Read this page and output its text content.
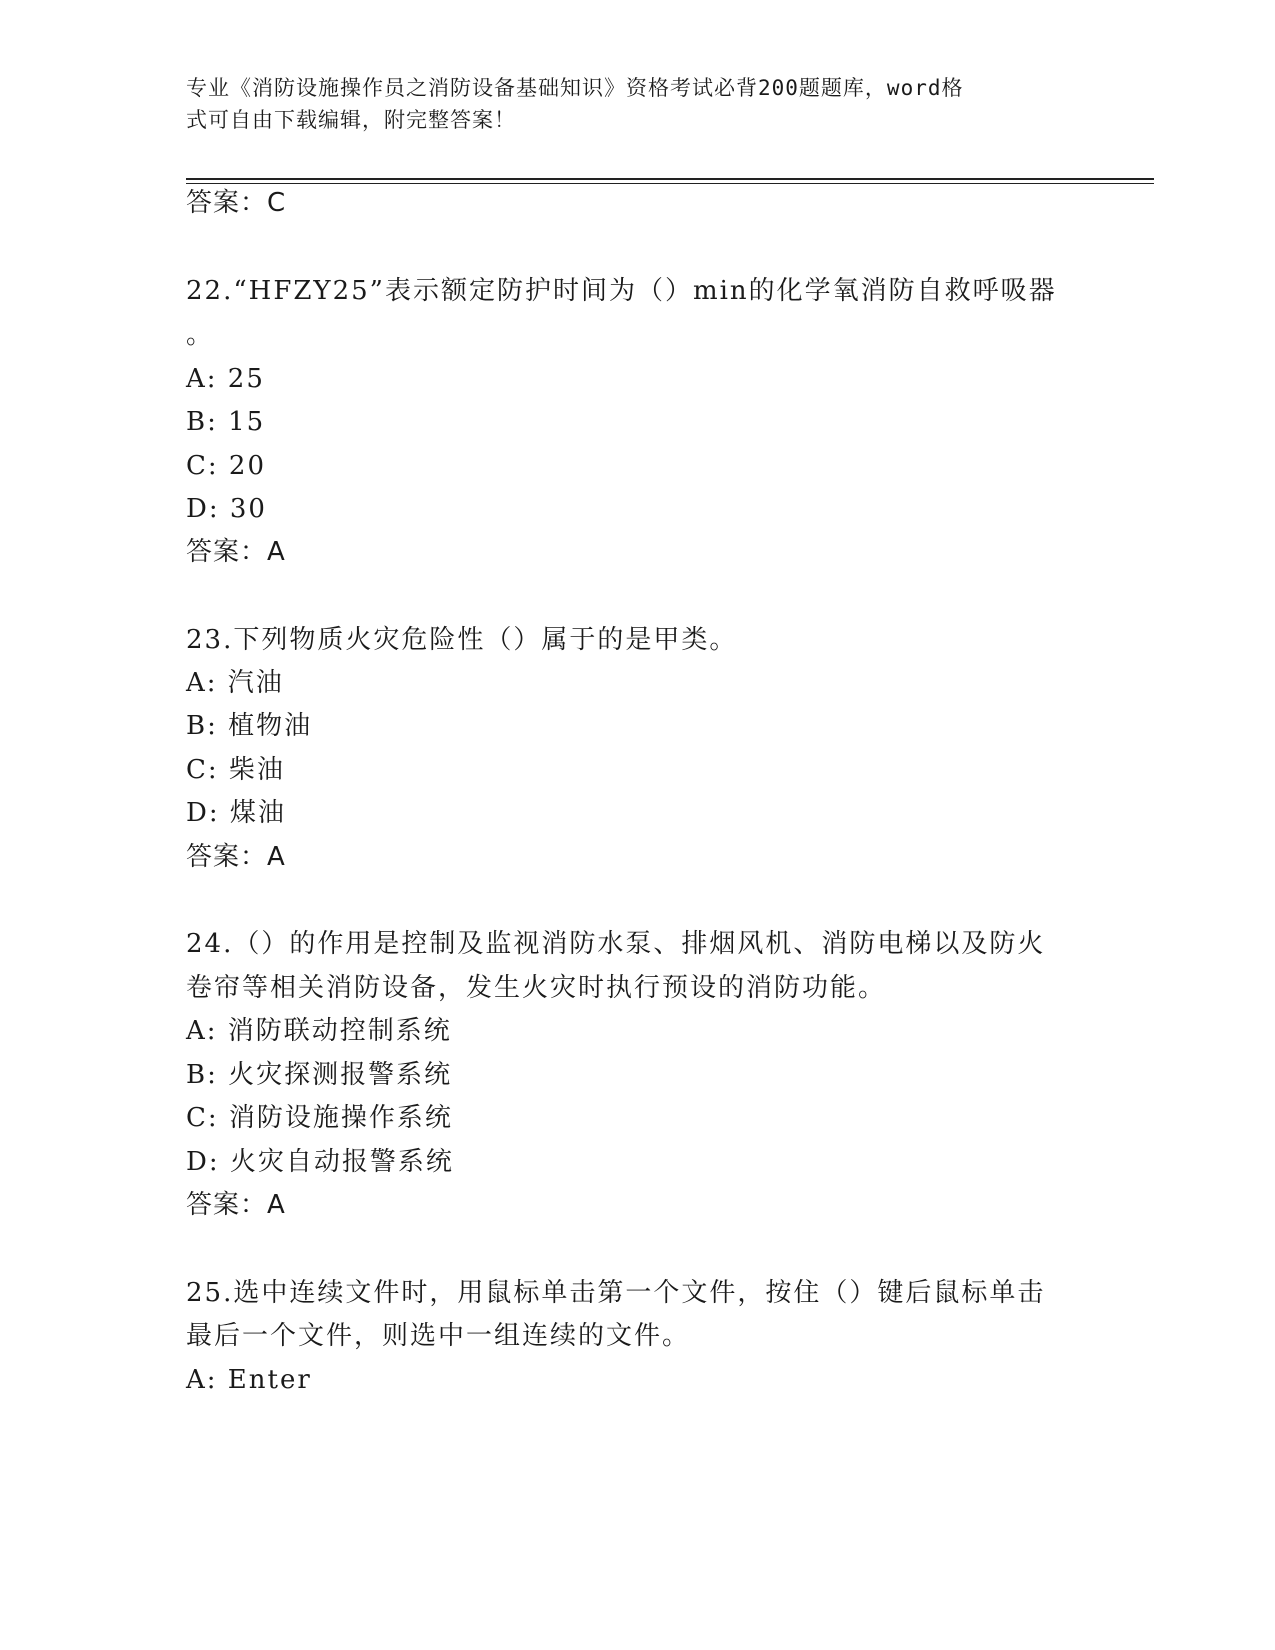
专业《消防设施操作员之消防设备基础知识》资格考试必背200题题库，word格
式可自由下载编辑，附完整答案！
答案：C
22.“HFZY25”表示额定防护时间为（）min的化学氧消防自救呼吸器
。
A: 25
B: 15
C: 20
D: 30
答案：A
23.下列物质火灾危险性（）属于的是甲类。
A: 汽油
B: 植物油
C: 柴油
D: 煤油
答案：A
24.（）的作用是控制及监视消防水泵、排烟风机、消防电梯以及防火
卷帘等相关消防设备，发生火灾时执行预设的消防功能。
A: 消防联动控制系统
B: 火灾探测报警系统
C: 消防设施操作系统
D: 火灾自动报警系统
答案：A
25.选中连续文件时，用鼠标单击第一个文件，按住（）键后鼠标单击
最后一个文件，则选中一组连续的文件。
A: Enter
